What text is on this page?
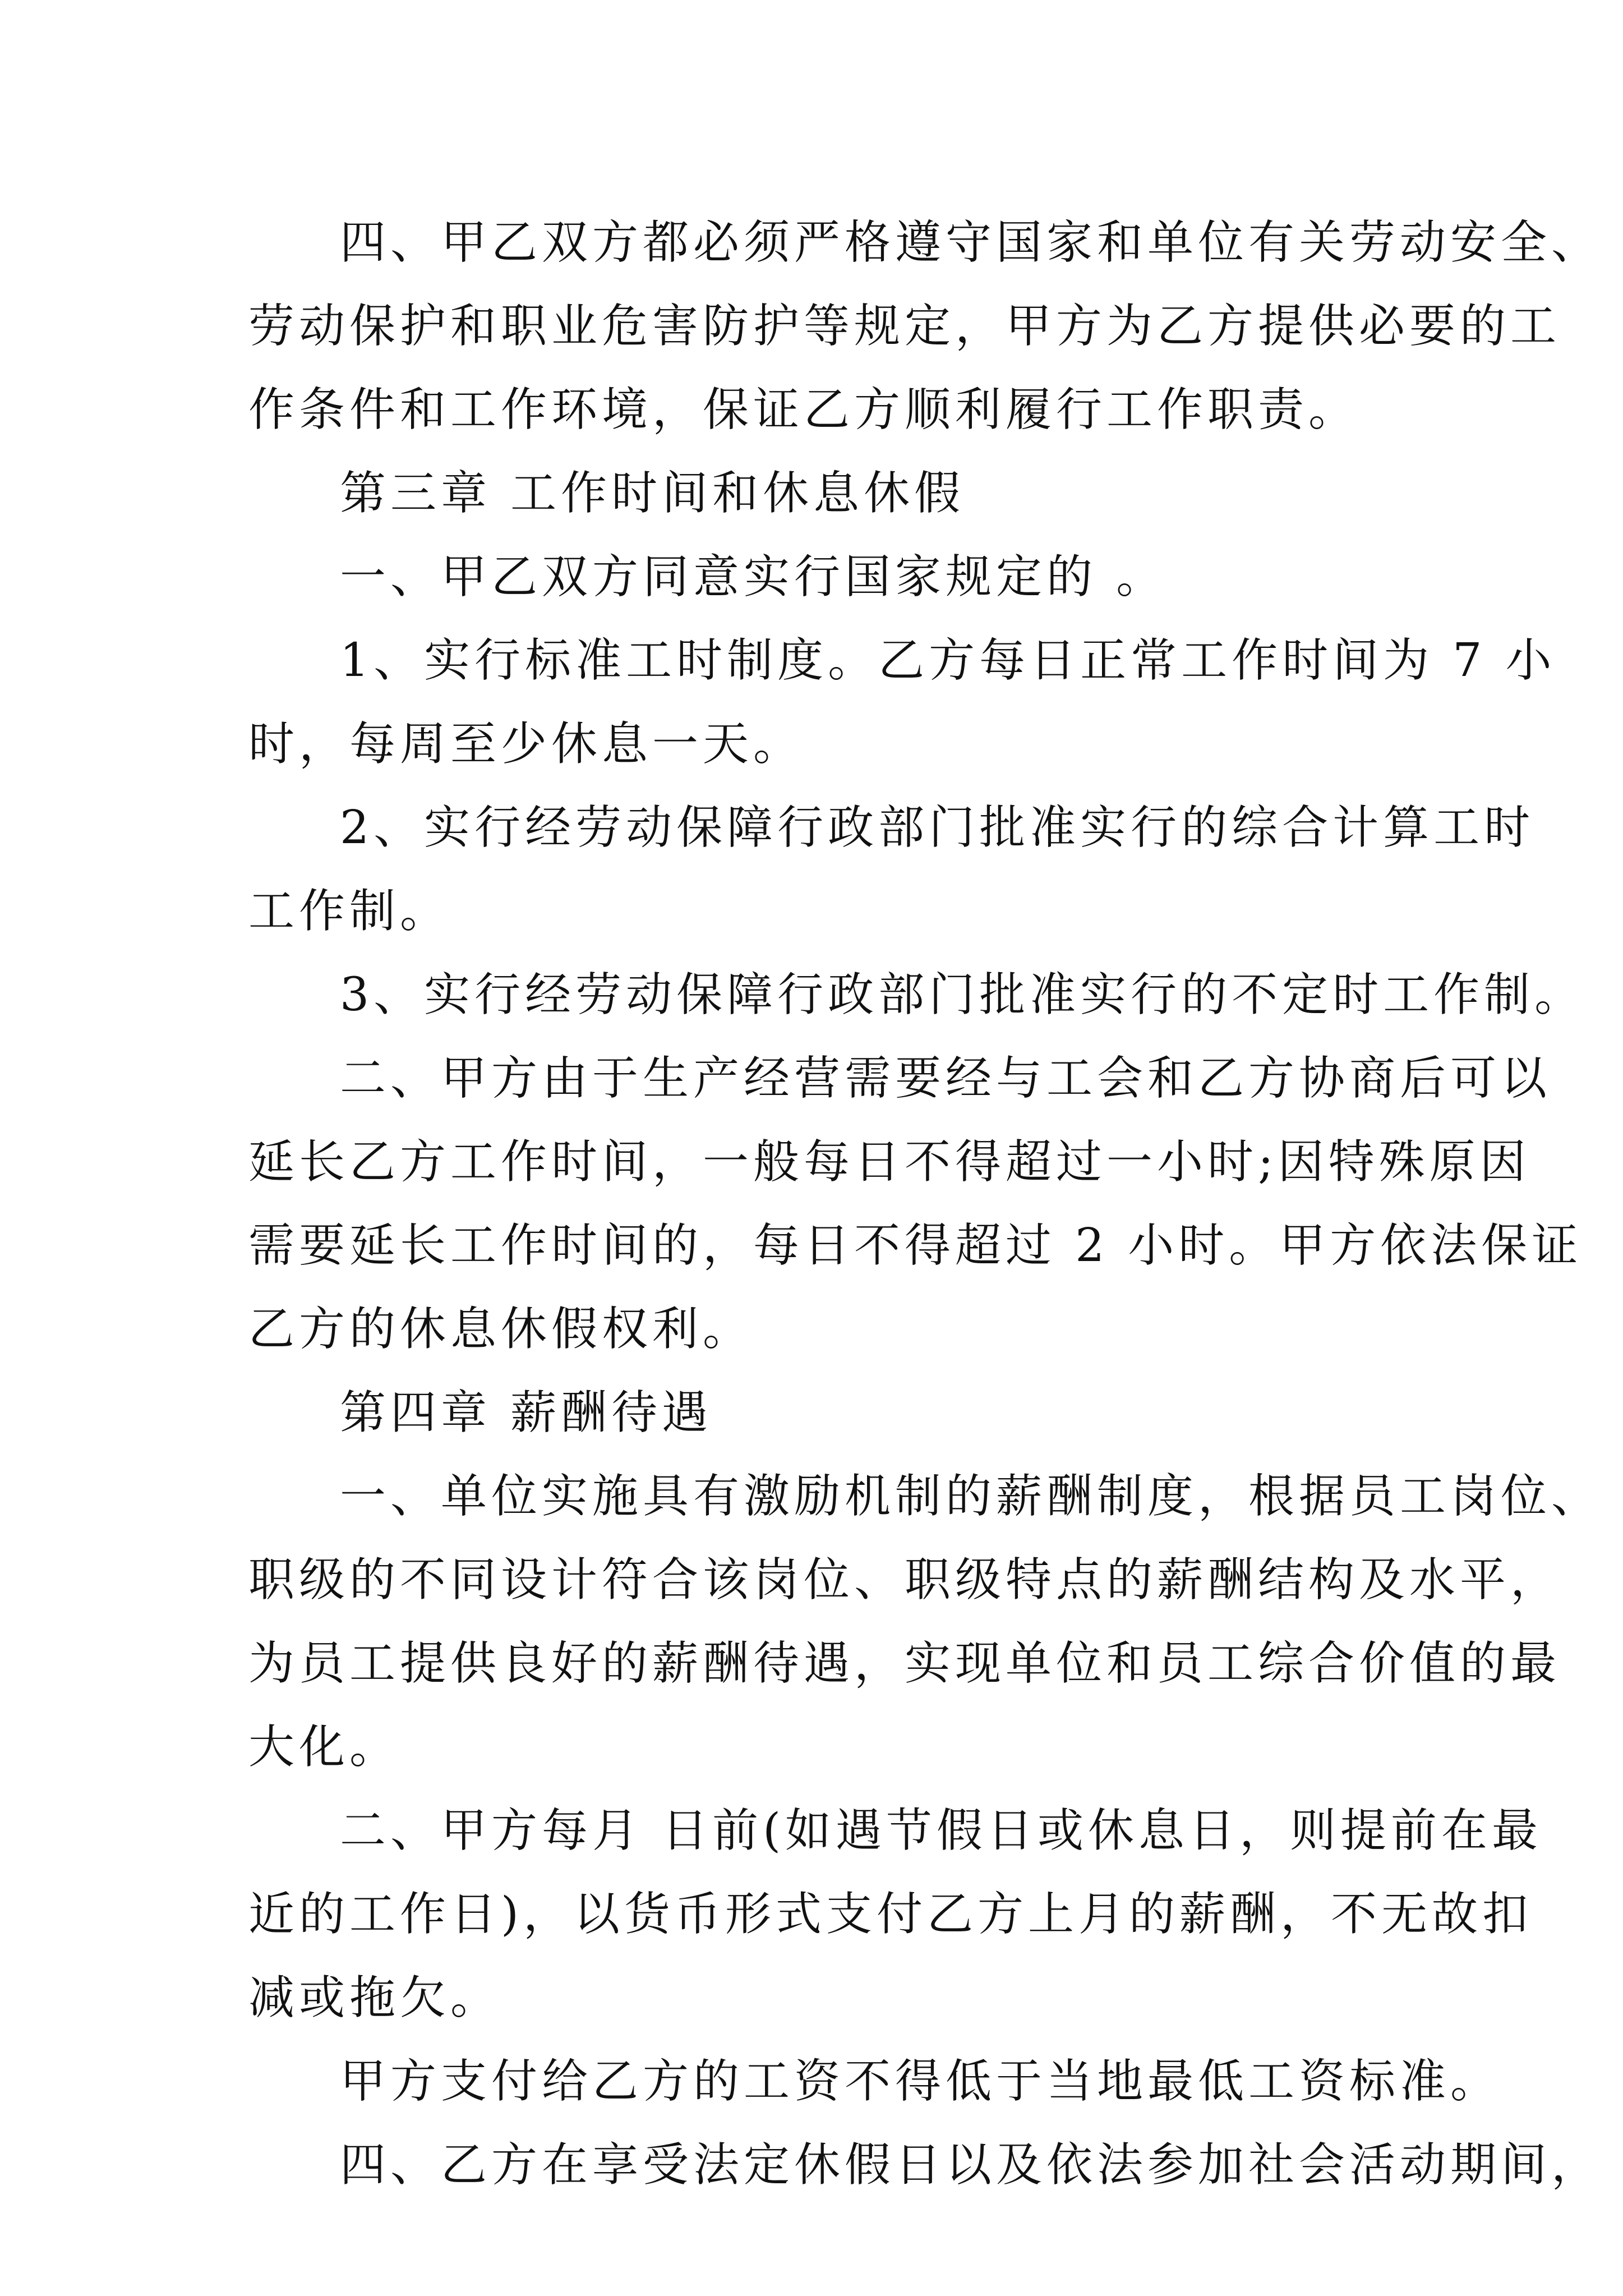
四、甲乙双方都必须严格遵守国家和单位有关劳动安全、
劳动保护和职业危害防护等规定，甲方为乙方提供必要的工
作条件和工作环境，保证乙方顺利履行工作职责。
第三章 工作时间和休息休假
一、甲乙双方同意实行国家规定的 。
1、实行标准工时制度。乙方每日正常工作时间为 7 小
时，每周至少休息一天。
2、实行经劳动保障行政部门批准实行的综合计算工时
工作制。
3、实行经劳动保障行政部门批准实行的不定时工作制。
二、甲方由于生产经营需要经与工会和乙方协商后可以
延长乙方工作时间，一般每日不得超过一小时;因特殊原因
需要延长工作时间的，每日不得超过 2 小时。甲方依法保证
乙方的休息休假权利。
第四章 薪酬待遇
一、单位实施具有激励机制的薪酬制度，根据员工岗位、
职级的不同设计符合该岗位、职级特点的薪酬结构及水平，
为员工提供良好的薪酬待遇，实现单位和员工综合价值的最
大化。
二、甲方每月 日前(如遇节假日或休息日，则提前在最
近的工作日)，以货币形式支付乙方上月的薪酬，不无故扣
减或拖欠。
甲方支付给乙方的工资不得低于当地最低工资标准。
四、乙方在享受法定休假日以及依法参加社会活动期间，
